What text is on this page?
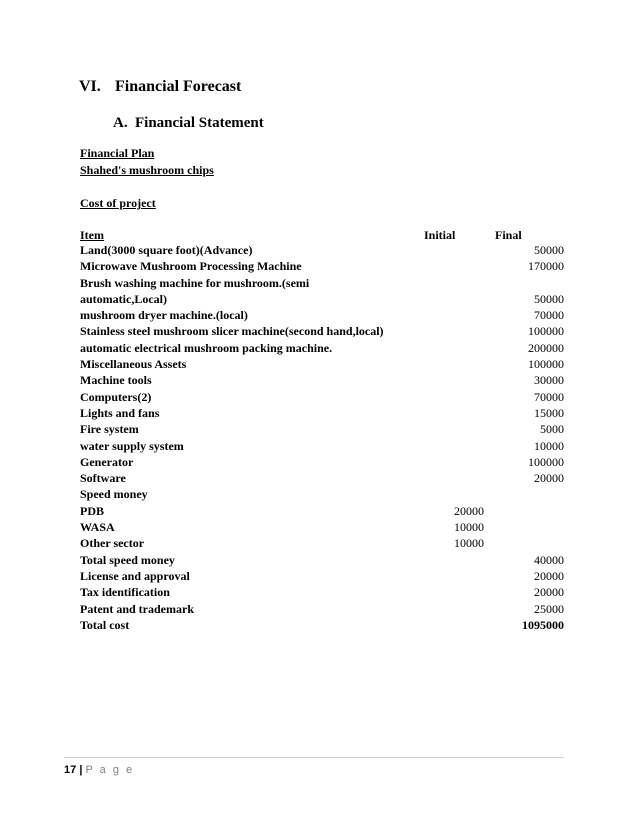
VI. Financial Forecast
A. Financial Statement
Financial Plan
Shahed's mushroom chips
Cost of project
Item	Initial	Final
Land(3000 square foot)(Advance)		50000
Microwave Mushroom Processing Machine		170000
Brush washing machine for mushroom.(semi		
automatic,Local)		50000
mushroom dryer machine.(local)		70000
Stainless steel mushroom slicer machine(second hand,local)		100000
automatic electrical mushroom packing machine.		200000
Miscellaneous Assets		100000
Machine tools		30000
Computers(2)		70000
Lights and fans		15000
Fire system		5000
water supply system		10000
Generator		100000
Software		20000
Speed money		
PDB	20000	
WASA	10000	
Other sector	10000	
Total speed money		40000
License and approval		20000
Tax identification		20000
Patent and trademark		25000
Total cost		1095000
17 | P a g e
